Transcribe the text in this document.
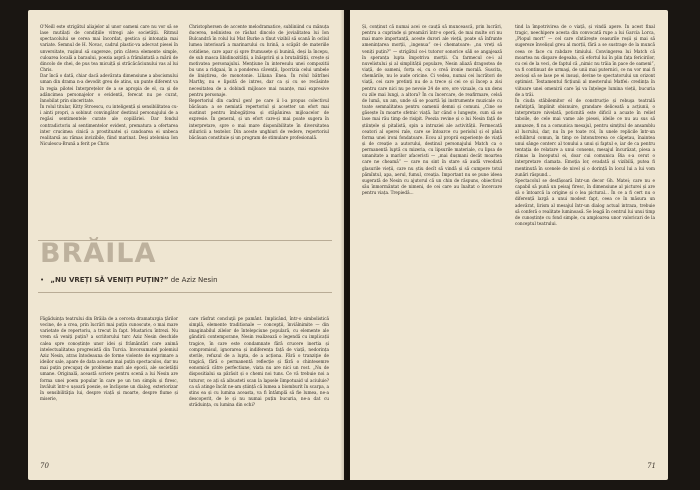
O'Neill este strigătul aliajelor al unor oameni care nu vor să se lase mutilați de condițiile vitregi ale societății. Ritmul spectacolului se cerea mai încordat, gestica și intonația mai variate. Semnul de H. Novac, cadrul plastic-va adecvat piesei în unversitate, ruşinul să sugereze, prin câteva elemente simple, culoarea locală a baraului, poezia aspră a frământată a mării de dincolo de chei, de pus tea micuiță și străcăcăciunului vas al lui Chris.
Dar încă o dată, chiar dacă adevărata dimensiune a abscismului uman din drama n-a devodit greu de atins, un punte diferent va în regia pilotei Interprețelor de a se apropia de el, ca și de adâncimea personajelor o evidentă, ferecat nu pe curat, înnobilat prin sinceritate.
În rolul titular, Kitty Stroescu, cu inteligență și sensibilitatea cu-i ainti propri, a sobinut convingător destinul personajului de a regăsi sentimentele curate ale copilăriei. Dar fondul contradictoriu al sentimentelor evident, prematura a ofertarea inter crucimea cinică a prostituatei și candoarea ei unbeca realitarsă au rămas invizibile, fiind marinat. Deși atelonisa Ion Niculescu-Brună a ferit pe Chris
Christophersen de accente melodramatice, subliniind cu mănuța ducerea, nelinistea ce râshat dincolo de jovialitatea lui Ion Bulcandră în rolul lui Mat Burke a tînut vizibil să scană în ocliul lumea interioară a marinarului cu hrină, a scăpăt de materiile cotidiene, care apar și spre frumusețe și bunină, deși la începu, de sub masca libidinozității, a înăspririi și a brutalității, crește și motivatea personajului. Mențiune în interesulu unei compozitii bu uns a ridgaai, în a ponderea căvenții, Ipocrizia celui umbele de liniștirea, de monotonie. Liliana Enea. În rolul bătrînei Marthy, nu e lipsită de intres, dar ca și cu se recăsinte necesitatea de a dobindi mijloace mai nuanțe, mai expresive pentru personaje.
Repertoriul din cadrul gen! pe care ii l-a propus colectivul băcăuan: a se nemiată repertoriul și acsetter un efort mai sustinut pentru îmbogățirea și stăpânirea mijloacelor de expresie. În general, și un efort care-și mai poate sugera în interpretare, spre o mai mare disponibilitate în diversitatea stiluricii a textelor. Din aceste unghiuri de vedere, repertoriul băcăuan constituie și un program de stimulare profesională.
BRĂILA
• „NU VREȚI SĂ VENIȚI PUȚIN?” de Aziz Nesin
Făgăduința teatrului din Brăila de a cerceta dramaturgia țărilor vecine, de a crea, prin lucrări mai puțin cunoscute, o mai mare varietate de repertoriu, a trecut în fapt. Mustaricu întrezi. Nu vrem să veniți puțin? a scriitorului turc Aziz Nesin deschide calea spre conoștințe unor idei și frământări care animă intelectualitatea progresistă din Turcia. Invorsumatel polemiul Aziz Nesin, atras întodeauna de forme violente de exprimare a ideilor sale, apare de data aceasta mai puțin spectaculos, dar nu mai puțin precupaţ de probleme mari ale epocii, ale societății umane. Originală, această scriere pentru scenă a lui Nesin are forma unei poem popular în care pe un ton simplu și firesc, învăluit într-o ușoară poezie, se înclişone un dialog, exteriorizar în sensibilităţia lui, despre viață și moarte, despre fiume și miserie,
care răsfrat concluţii pe pamânt. Implicând, într-o simbolistică simplă, elemente traditionale — concepții, înviălnimite — din imaginabilul zilelor de întelepciune populară, cu elemente ale gândirii contemporane, Nesin realizează o legendă cu implicații tragice, în care este condamnate fără crucere inertia și compromisul, ignorarea și indiferența față de viață, nedorința sterile, refuzul de a lupta, de a acționa. Fără o tranziţie de tragică, fără o permanentă reflecție și fără o chintesemre eonomică către perfectiune, viata nu are nici un rost. „Nu de dispositialui sa părăsit și o chemi noi tuns. Ce vă trebuie noi a tuturor, ce ați să aibusteti scan la lapsele îimpotuaid ul aciuluie? ca să atinge încât ne-am știință că lumea a biomburit în scarpa, a stins ea și cu lumina aceasta, va fi întâmplă să fie lumea, ne-a descoperit, de le și nu numai puțin bucuria, ne-a dat cu strâduința, cu lumina din ochi?
70
Și, conținut că numai acei ce cauță să muncească, prin lucrări, pentru a cuprinde și preamări într-o operă, de mai multe ori nu mai mare importanță, aceste durori ale vieții, poate să înfrunte amenințarea morții, „ingenua” ce-i chematoare: „nu vreți să veniți puțin?” — strigătul ce-i tutoror sonorice săli se angajează în speranța lupta împotriva morții. Cu farmecul ce-i al nuvelistului și al simplității populare, Nesin aliază dragostea de viață, de oameni, forța ei, cu o creă ironie morală. Suscita, chemările, nu le aude oricine. Ci vedea, numai cei lucrători de viață, cei care pretinți nu de a trece și cei ce și încep a zisi pentru care nici nu pe nevoie 24 de ore, ore vizuale, ca un dens cu zile mai lungi, a altora? În cu încercare, de reafirmare, celsă de lumă, un am, unde să se poartă își instrumente muzicale cu toate semnalitatea pentru oamenii demni și comuni. „Cine se găsește în moarte sfetnic viață. Iar când o lungește, cum să se lase mai rău timp de risipit. Poezia revine și o lui Nesin față de științele și pitalistă, spin a intruziei ale activității. Fermecată ceatori al operei rale, care se întoarce cu periolul și el până forma unei ironi fondatoare. Ecou al proprii experiențe de viață și de creație a autorului, destinul personajului Match ca o permanentă luptă cu mizeria, cu lipsurile materiale, cu lipsa de umanitate a marilor afaceristi — „mai dușmani decât moartea care ne cheamă” — care nu sint în stare să audă vreodată glasurile vieții, care nu știu decît să vindă și să cumpere totul pămîntul, apa, aerul, fumul, creația. Important nu se pune ideea sugerată de Nesin cu ajutorul că un chin de răspuns, obiectivul său înmormântat de nimeni, de cei care au înaltat o încercare pentru viața. Trepiedă...
tind la împotrivirea de o viață, și vindă apere. În acest final tragic, neechipere acesta din convocată rupe a lui García Lorca, „Plopul mort” — cel care cîntărește ceasurile roșii și mai să sugereze învelișul greu al morții, fără a se sustrage de la muncă ceea ce face cu rabdare timiului. Convingerea lui Match că moartea nu dispare degeaba, că efortul lui în plin fața fericirilor, cu cei de la veci, de faptul că „nimic nu trăia în pace de oameni”, va fi continuat de urmaşi, de unii mai puternici, ce nu vor mai fi zecioși să se lase pe ei insuși, devine te spectatorului un orizont optimist. Textamentul ficțiunii al mesterului Matfei: credința în viitoare unei omenirii care își va înțelege lumina vieții, bucuria de a trăi.
În ciuda stăbilemitor el de construcție și rebuşa teatrală neîntiptă, împlinit obisnuire, grandare deliceată a acțiunii, o interpretare nivelată, poticnită este dificil a acuate în relief taboile, de cele mai vame ale piesei, ideile ce nu au sus să amuzeze, fi nu a comunica mesajul, pentru simțitul de ansamblu al lucrului, dar, nu în pe toate rol, în unele replicile într-un echilibrul comun, în timp ce întonutrerea ce căpetau, înaintea unui sânge conterc al tonului a unui și faptul e, iar de ca pentru tentația de relatare a unui consens, mesajul încurăzat, piesa a rămas la începutul ei, doar cui comunica Bia s-a cerut o interpretare clamata. Emoția lor, evadată și vizibilă, putea fi mentinută în scenele de nivel și o dorință în locul lui a lui vom zunări răspund...
Spectacolul se desfășoară într-un decor Gh. Matei; care nu e capabil să pună un peisaj firesc, în dimensiune al picturei și are să o întoarcă la origine și o lea pictural... În ce a fi cert nu o diferență largă a unui modest fapt, ceea ce în măsura un adevărat, lirism al mesajul într-un dialog actual intraza, trebuie să conferă o realitate luminoasă. Se leagă în centrul lui unui timp de cunoștințe cu fond simple, cu amploarea unor valoricari de la conceptul teatrului.
71
